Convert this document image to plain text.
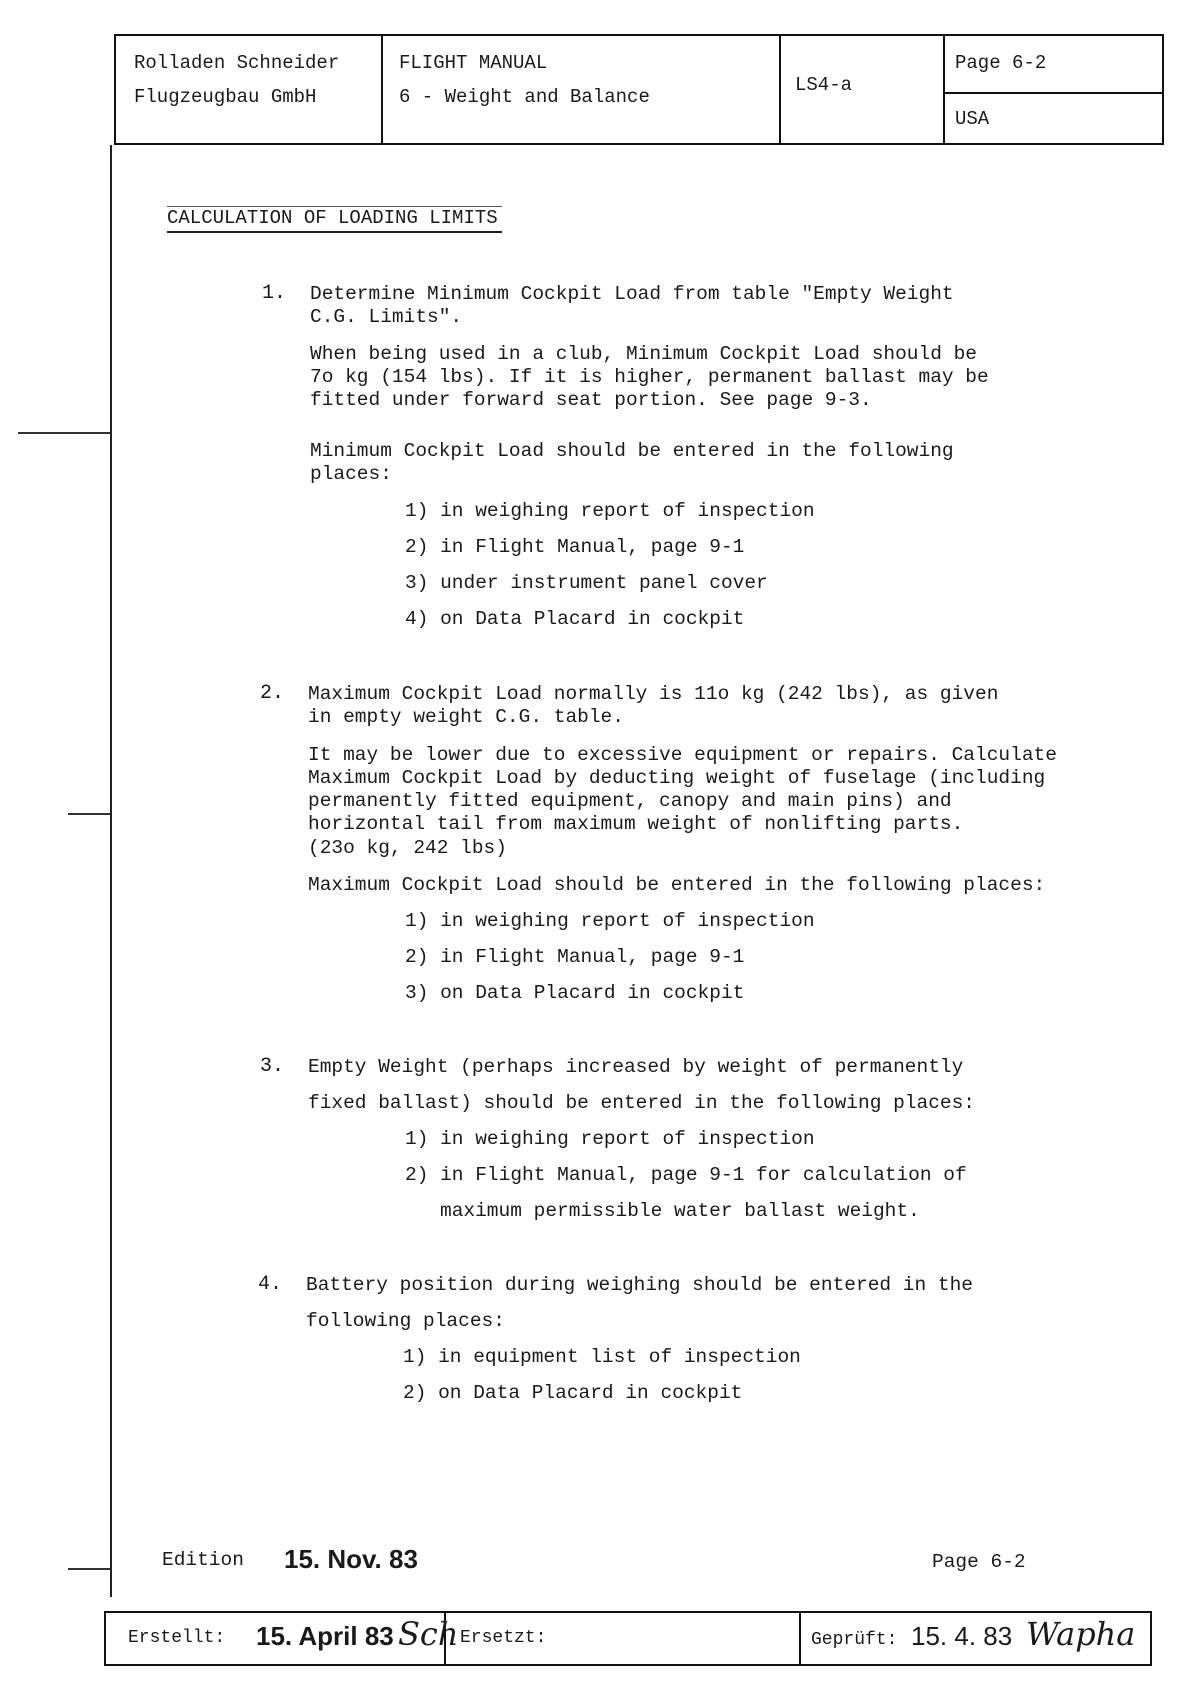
Rolladen Schneider
Flugzeugbau GmbH
FLIGHT MANUAL
6 - Weight and Balance
LS4-a
Page 6-2
USA
CALCULATION OF LOADING LIMITS
1. Determine Minimum Cockpit Load from table "Empty Weight
C.G. Limits".
When being used in a club, Minimum Cockpit Load should be
7o kg (154 lbs). If it is higher, permanent ballast may be
fitted under forward seat portion. See page 9-3.
Minimum Cockpit Load should be entered in the following
places:
1) in weighing report of inspection
2) in Flight Manual, page 9-1
3) under instrument panel cover
4) on Data Placard in cockpit
2. Maximum Cockpit Load normally is 11o kg (242 lbs), as given
in empty weight C.G. table.
It may be lower due to excessive equipment or repairs. Calculate
Maximum Cockpit Load by deducting weight of fuselage (including
permanently fitted equipment, canopy and main pins) and
horizontal tail from maximum weight of nonlifting parts.
(23o kg, 242 lbs)
Maximum Cockpit Load should be entered in the following places:
1) in weighing report of inspection
2) in Flight Manual, page 9-1
3) on Data Placard in cockpit
3. Empty Weight (perhaps increased by weight of permanently
fixed ballast) should be entered in the following places:
1) in weighing report of inspection
2) in Flight Manual, page 9-1 for calculation of
maximum permissible water ballast weight.
4. Battery position during weighing should be entered in the
following places:
1) in equipment list of inspection
2) on Data Placard in cockpit
Edition 15. Nov. 83	Page 6-2
Erstellt: 15. April 83 Sch Ersetzt:	Geprüft: 15. 4. 83 Wapha
